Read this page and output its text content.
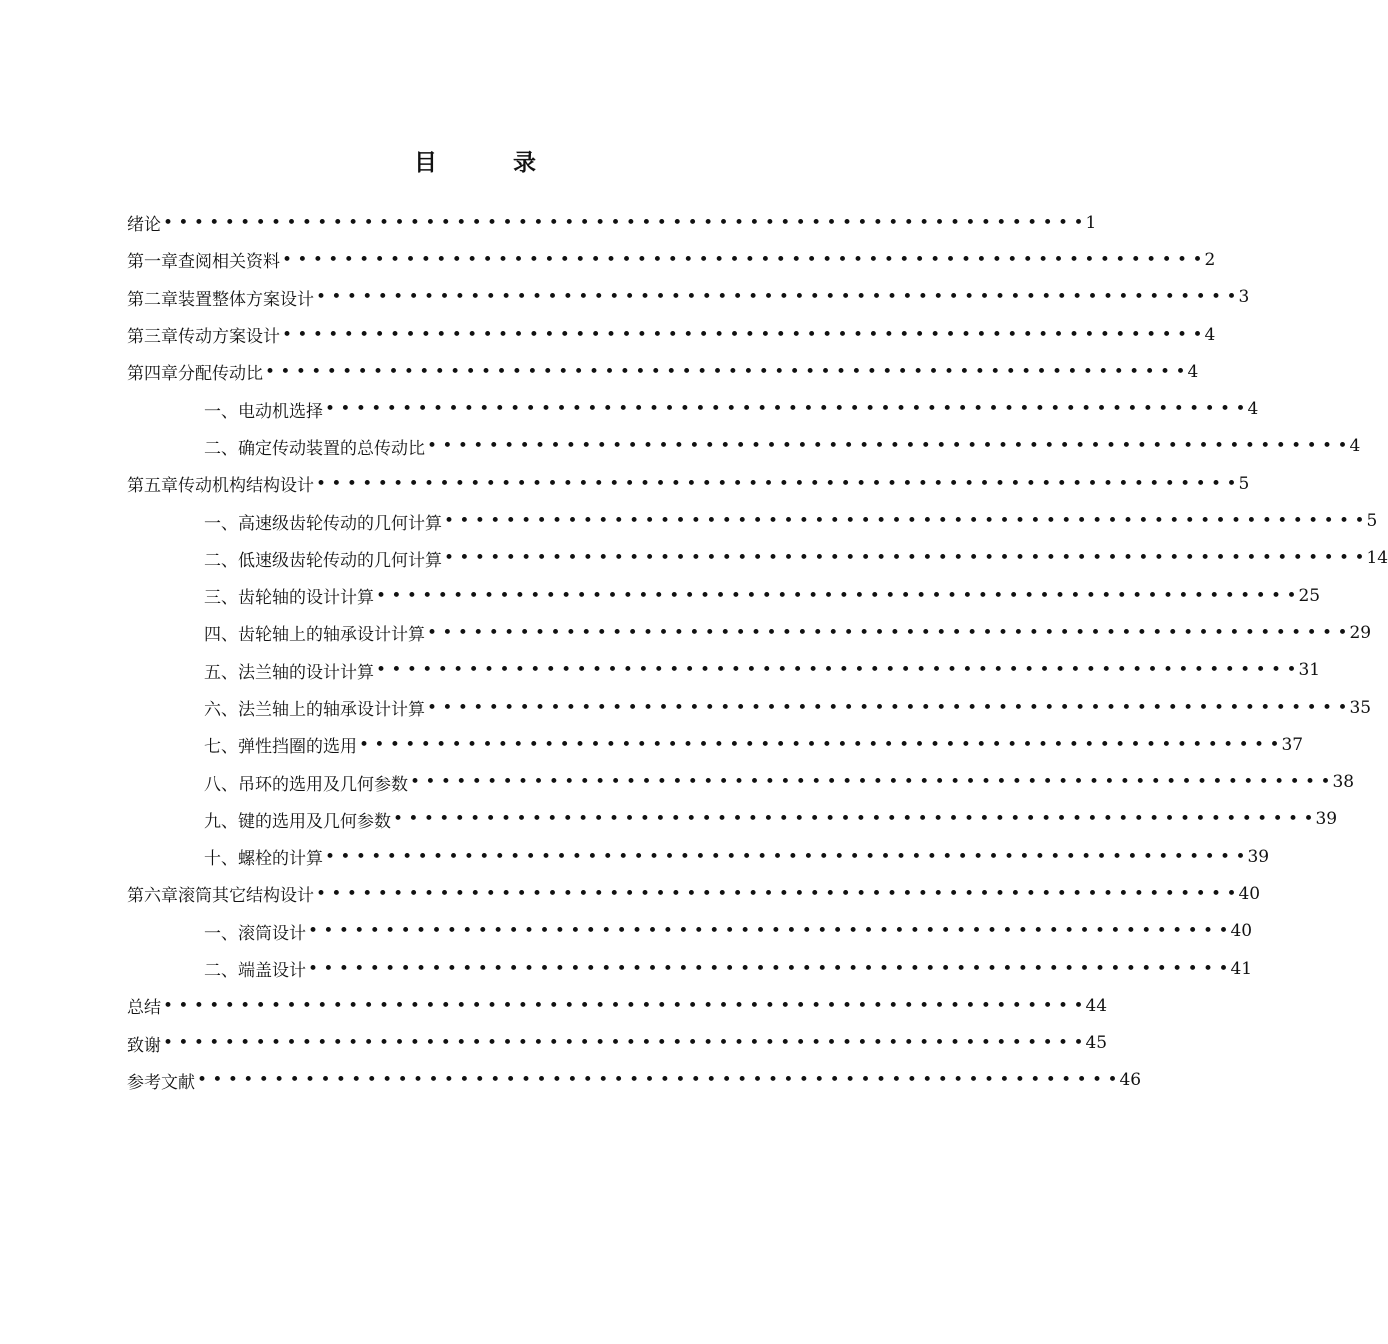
目 录
绪论 • • • • • • • • • • • • • • • • • • • • • • • • • • • • • • • • • • • • • • • • • • • • • • • • • • • • • • • • • • • • 1
第一章 查阅相关资料 • • • • • • • • • • • • • • • • • • • • • • • • • • • • • • • • • • • • • • • • • • • • • • • • • • • • • • • • • • • • 2
第二章 装置整体方案设计 • • • • • • • • • • • • • • • • • • • • • • • • • • • • • • • • • • • • • • • • • • • • • • • • • • • • • • • • • • • • 3
第三章 传动方案设计 • • • • • • • • • • • • • • • • • • • • • • • • • • • • • • • • • • • • • • • • • • • • • • • • • • • • • • • • • • • • 4
第四章 分配传动比 • • • • • • • • • • • • • • • • • • • • • • • • • • • • • • • • • • • • • • • • • • • • • • • • • • • • • • • • • • • • 4
一、电动机选择 • • • • • • • • • • • • • • • • • • • • • • • • • • • • • • • • • • • • • • • • • • • • • • • • • • • • • • • • • • • • 4
二、确定传动装置的总传动比 • • • • • • • • • • • • • • • • • • • • • • • • • • • • • • • • • • • • • • • • • • • • • • • • • • • • • • • • • • • • 4
第五章 传动机构结构设计 • • • • • • • • • • • • • • • • • • • • • • • • • • • • • • • • • • • • • • • • • • • • • • • • • • • • • • • • • • • • 5
一、高速级齿轮传动的几何计算 • • • • • • • • • • • • • • • • • • • • • • • • • • • • • • • • • • • • • • • • • • • • • • • • • • • • • • • • • • • • 5
二、低速级齿轮传动的几何计算 • • • • • • • • • • • • • • • • • • • • • • • • • • • • • • • • • • • • • • • • • • • • • • • • • • • • • • • • • • • • 14
三、齿轮轴的设计计算 • • • • • • • • • • • • • • • • • • • • • • • • • • • • • • • • • • • • • • • • • • • • • • • • • • • • • • • • • • • • 25
四、齿轮轴上的轴承设计计算 • • • • • • • • • • • • • • • • • • • • • • • • • • • • • • • • • • • • • • • • • • • • • • • • • • • • • • • • • • • • 29
五、法兰轴的设计计算 • • • • • • • • • • • • • • • • • • • • • • • • • • • • • • • • • • • • • • • • • • • • • • • • • • • • • • • • • • • • 31
六、法兰轴上的轴承设计计算 • • • • • • • • • • • • • • • • • • • • • • • • • • • • • • • • • • • • • • • • • • • • • • • • • • • • • • • • • • • • 35
七、弹性挡圈的选用 • • • • • • • • • • • • • • • • • • • • • • • • • • • • • • • • • • • • • • • • • • • • • • • • • • • • • • • • • • • • 37
八、吊环的选用及几何参数 • • • • • • • • • • • • • • • • • • • • • • • • • • • • • • • • • • • • • • • • • • • • • • • • • • • • • • • • • • • • 38
九、键的选用及几何参数 • • • • • • • • • • • • • • • • • • • • • • • • • • • • • • • • • • • • • • • • • • • • • • • • • • • • • • • • • • • • 39
十、螺栓的计算 • • • • • • • • • • • • • • • • • • • • • • • • • • • • • • • • • • • • • • • • • • • • • • • • • • • • • • • • • • • • 39
第六章 滚筒其它结构设计 • • • • • • • • • • • • • • • • • • • • • • • • • • • • • • • • • • • • • • • • • • • • • • • • • • • • • • • • • • • • 40
一、滚筒设计 • • • • • • • • • • • • • • • • • • • • • • • • • • • • • • • • • • • • • • • • • • • • • • • • • • • • • • • • • • • • 40
二、端盖设计 • • • • • • • • • • • • • • • • • • • • • • • • • • • • • • • • • • • • • • • • • • • • • • • • • • • • • • • • • • • • 41
总结 • • • • • • • • • • • • • • • • • • • • • • • • • • • • • • • • • • • • • • • • • • • • • • • • • • • • • • • • • • • • 44
致谢 • • • • • • • • • • • • • • • • • • • • • • • • • • • • • • • • • • • • • • • • • • • • • • • • • • • • • • • • • • • • 45
参考文献 • • • • • • • • • • • • • • • • • • • • • • • • • • • • • • • • • • • • • • • • • • • • • • • • • • • • • • • • • • • • 46
